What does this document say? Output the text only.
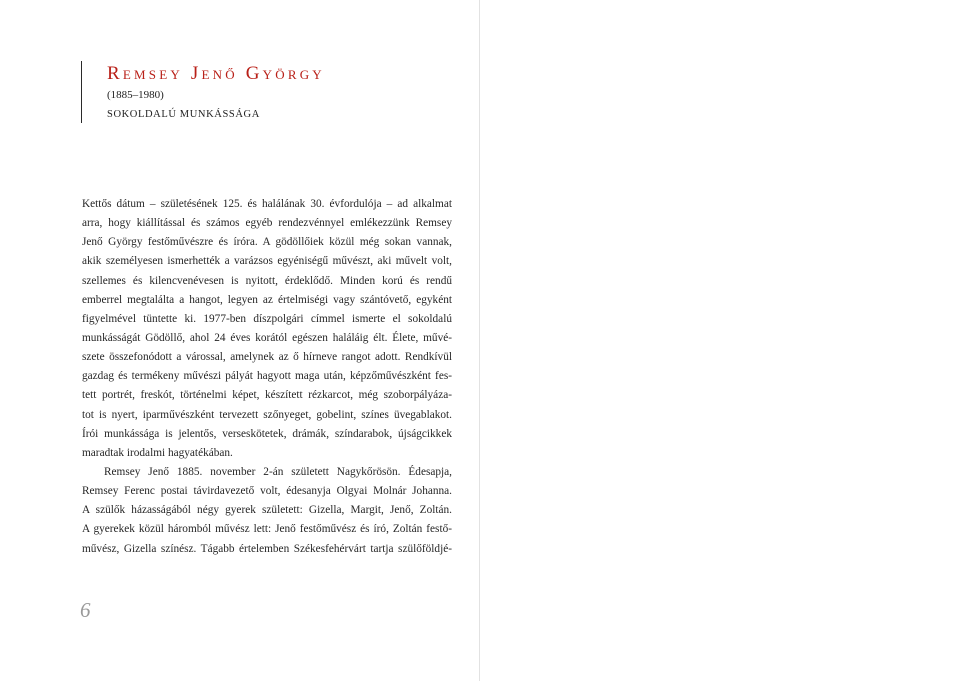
Remsey Jenő György
(1885–1980)
SOKOLDALÚ MUNKÁSSÁGA
Kettős dátum – születésének 125. és halálának 30. évfordulója – ad alkalmat
arra, hogy kiállítással és számos egyéb rendezvénnyel emlékezzünk Remsey
Jenő György festőművészre és íróra. A gödöllőiek közül még sokan vannak,
akik személyesen ismerhették a varázsos egyéniségű művészt, aki művelt volt,
szellemes és kilencvenévesen is nyitott, érdeklődő. Minden korú és rendű
emberrel megtalálta a hangot, legyen az értelmiségi vagy szántóvető, egyként
figyelmével tüntette ki. 1977-ben díszpolgári címmel ismerte el sokoldalú
munkásságát Gödöllő, ahol 24 éves korától egészen haláláig élt. Élete, művé-
szete összefonódott a várossal, amelynek az ő hírneve rangot adott. Rendkívül
gazdag és termékeny művészi pályát hagyott maga után, képzőművészként fes-
tett portrét, freskót, történelmi képet, készített rézkarcot, még szoborpályáza-
tot is nyert, iparművészként tervezett szőnyeget, gobelint, színes üvegablakot.
Írói munkássága is jelentős, verseskötetek, drámák, színdarabok, újságcikkek
maradtak irodalmi hagyatékában.
Remsey Jenő 1885. november 2-án született Nagykőrösön. Édesapja,
Remsey Ferenc postai távirdavezető volt, édesanyja Olgyai Molnár Johanna.
A szülők házasságából négy gyerek született: Gizella, Margit, Jenő, Zoltán.
A gyerekek közül háromból művész lett: Jenő festőművész és író, Zoltán festő-
művész, Gizella színész. Tágabb értelemben Székesfehérvárt tartja szülőföldjé-
6
